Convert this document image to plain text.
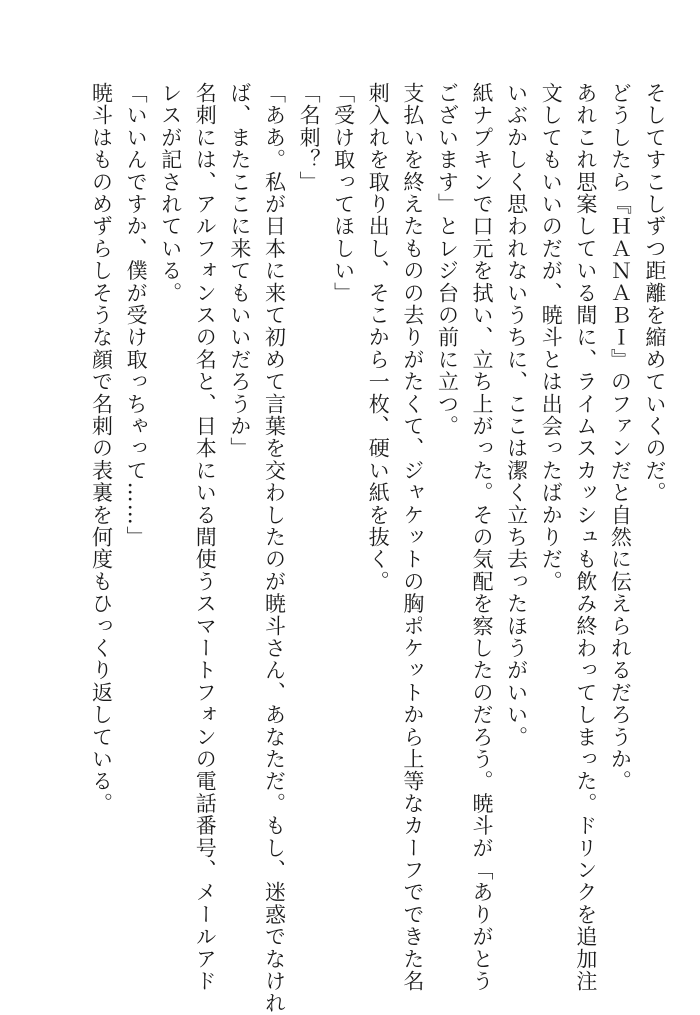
そしてすこしずつ距離を縮めていくのだ。
どうしたら『ＨＡＮＡＢＩ』のファンだと自然に伝えられるだろうか。
あれこれ思案している間に、ライムスカッシュも飲み終わってしまった。ドリンクを追加注
文してもいいのだが、暁斗とは出会ったばかりだ。
いぶかしく思われないうちに、ここは潔く立ち去ったほうがいい。
紙ナプキンで口元を拭い、立ち上がった。その気配を察したのだろう。暁斗が「ありがとう
ございます」とレジ台の前に立つ。
支払いを終えたものの去りがたくて、ジャケットの胸ポケットから上等なカーフでできた名
刺入れを取り出し、そこから一枚、硬い紙を抜く。
「受け取ってほしい」
「名刺？」
「ああ。私が日本に来て初めて言葉を交わしたのが暁斗さん、あなただ。もし、迷惑でなけれ
ば、またここに来てもいいだろうか」
名刺には、アルフォンスの名と、日本にいる間使うスマートフォンの電話番号、メールアド
レスが記されている。
「いいんですか、僕が受け取っちゃって……」
暁斗はものめずらしそうな顔で名刺の表裏を何度もひっくり返している。
